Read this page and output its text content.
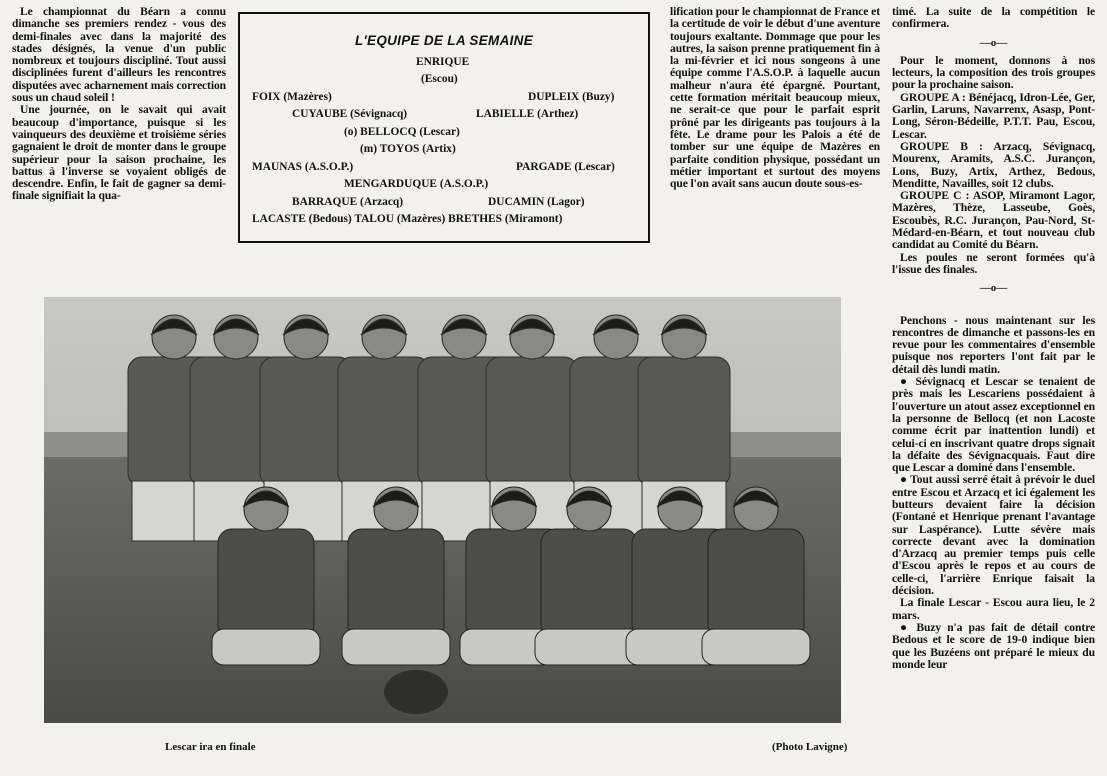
Le championnat du Béarn a connu dimanche ses premiers rendez - vous des demi-finales avec dans la majorité des stades désignés, la venue d'un public nombreux et toujours discipliné. Tout aussi disciplinées furent d'ailleurs les rencontres disputées avec acharnement mais correction sous un chaud soleil !

Une journée, on le savait qui avait beaucoup d'importance, puisque si les vainqueurs des deuxième et troisième séries gagnaient le droit de monter dans le groupe supérieur pour la saison prochaine, les battus à l'inverse se voyaient obligés de descendre. Enfin, le fait de gagner sa demi-finale signifiait la qua-

L'EQUIPE DE LA SEMAINE
ENRIQUE
(Escou)
FOIX (Mazères)	DUPLEIX (Buzy)
CUYAUBE (Sévignacq)	LABIELLE (Arthez)
(o) BELLOCQ (Lescar)
(m) TOYOS (Artix)
MAUNAS (A.S.O.P.)	PARGADE (Lescar)
MENGARDUQUE (A.S.O.P.)
BARRAQUE (Arzacq)	DUCAMIN (Lagor)
LACASTE (Bedous) TALOU (Mazères) BRETHES (Miramont)

lification pour le championnat de France et la certitude de voir le début d'une aventure toujours exaltante. Dommage que pour les autres, la saison prenne pratiquement fin à la mi-février et ici nous songeons à une équipe comme l'A.S.O.P. à laquelle aucun malheur n'aura été épargné. Pourtant, cette formation méritait beaucoup mieux, ne serait-ce que pour le parfait esprit prôné par les dirigeants pas toujours à la fête. Le drame pour les Palois a été de tomber sur une équipe de Mazères en parfaite condition physique, possédant un métier important et surtout des moyens que l'on avait sans aucun doute sous-es-

timé. La suite de la compétition le confirmera.

—o—

Pour le moment, donnons à nos lecteurs, la composition des trois groupes pour la prochaine saison.

GROUPE A : Bénéjacq, Idron-Lée, Ger, Garlin, Laruns, Navarrenx, Asasp, Pont-Long, Séron-Bédeille, P.T.T. Pau, Escou, Lescar.

GROUPE B : Arzacq, Sévignacq, Mourenx, Aramits, A.S.C. Jurançon, Lons, Buzy, Artix, Arthez, Bedous, Menditte, Navailles, soit 12 clubs.

GROUPE C : ASOP, Miramont Lagor, Mazères, Thèze, Lasseube, Goès, Escoubès, R.C. Jurançon, Pau-Nord, St-Médard-en-Béarn, et tout nouveau club candidat au Comité du Béarn.

Les poules ne seront formées qu'à l'issue des finales.

—o—

Penchons - nous maintenant sur les rencontres de dimanche et passons-les en revue pour les commentaires d'ensemble puisque nos reporters l'ont fait par le détail dès lundi matin.

● Sévignacq et Lescar se tenaient de près mais les Lescariens possédaient à l'ouverture un atout assez exceptionnel en la personne de Bellocq (et non Lacoste comme écrit par inattention lundi) et celui-ci en inscrivant quatre drops signait la défaite des Sévignacquais. Faut dire que Lescar a dominé dans l'ensemble.

● Tout aussi serré était à prévoir le duel entre Escou et Arzacq et ici également les butteurs devaient faire la décision (Fontané et Henrique prenant l'avantage sur Laspérance). Lutte sévère mais correcte devant avec la domination d'Arzacq au premier temps puis celle d'Escou après le repos et au cours de celle-ci, l'arrière Enrique faisait la décision.

La finale Lescar - Escou aura lieu, le 2 mars.

● Buzy n'a pas fait de détail contre Bedous et le score de 19-0 indique bien que les Buzéens ont préparé le mieux du monde leur

Lescar ira en finale	(Photo Lavigne)
